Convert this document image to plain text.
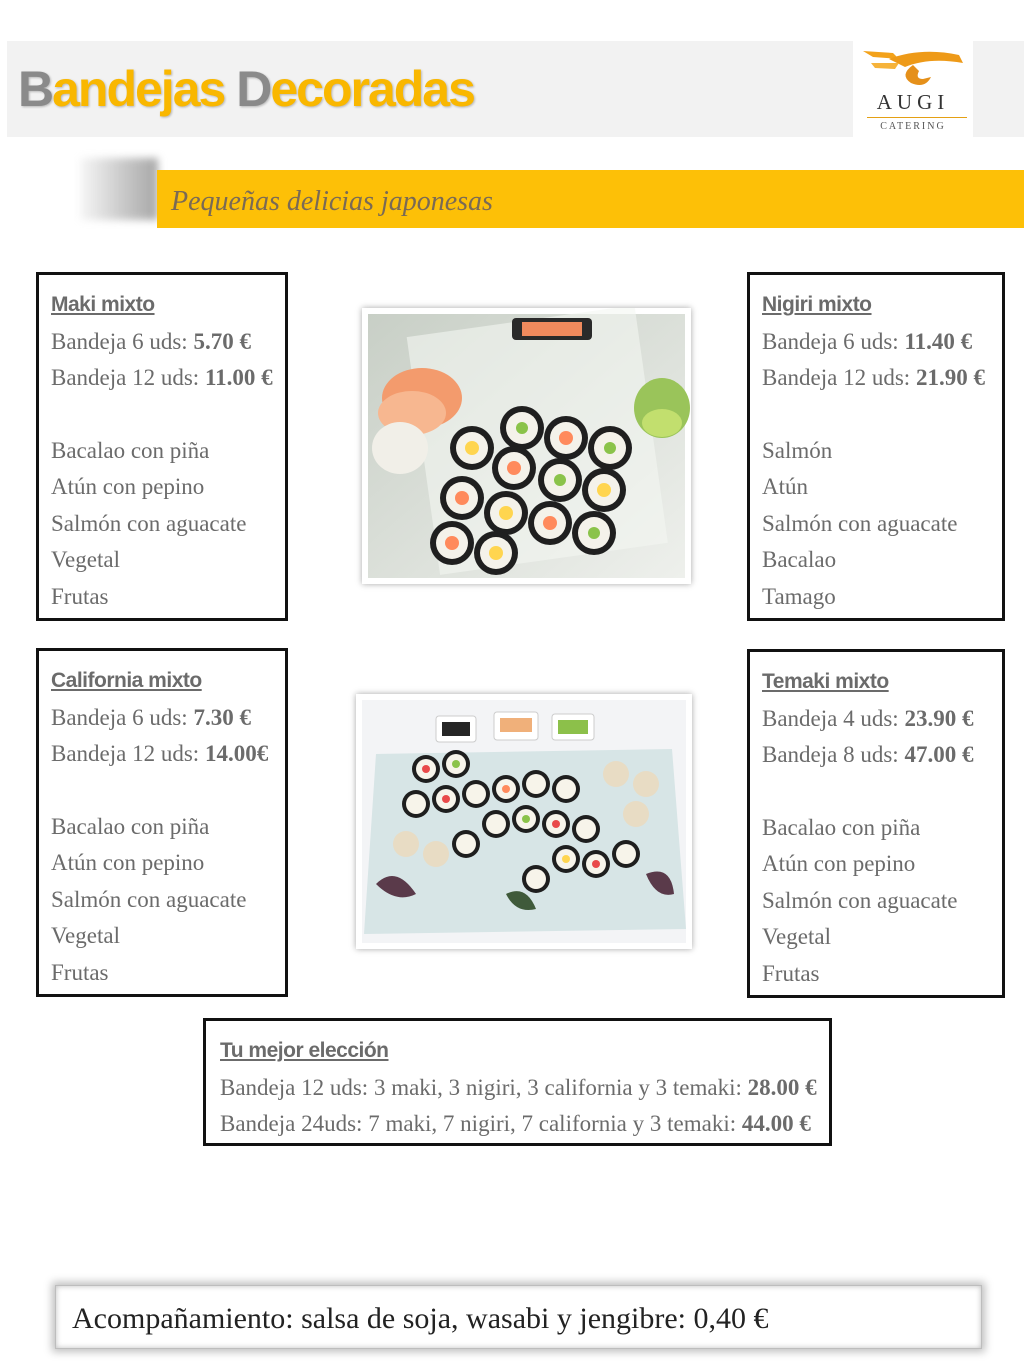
Bandejas Decoradas	AUGI
CATERING
Pequeñas delicias japonesas
Maki mixto
Bandeja 6 uds: 5.70 €
Bandeja 12 uds: 11.00 €
Bacalao con piña
Atún con pepino
Salmón con aguacate
Vegetal
Frutas
Nigiri mixto
Bandeja 6 uds: 11.40 €
Bandeja 12 uds: 21.90 €
Salmón
Atún
Salmón con aguacate
Bacalao
Tamago
California mixto
Bandeja 6 uds: 7.30 €
Bandeja 12 uds: 14.00€
Bacalao con piña
Atún con pepino
Salmón con aguacate
Vegetal
Frutas
Temaki mixto
Bandeja 4 uds: 23.90 €
Bandeja 8 uds: 47.00 €
Bacalao con piña
Atún con pepino
Salmón con aguacate
Vegetal
Frutas
Tu mejor elección
Bandeja 12 uds: 3 maki, 3 nigiri, 3 california y 3 temaki: 28.00 €
Bandeja 24uds: 7 maki, 7 nigiri, 7 california y 3 temaki: 44.00 €
Acompañamiento: salsa de soja, wasabi y jengibre: 0,40 €
